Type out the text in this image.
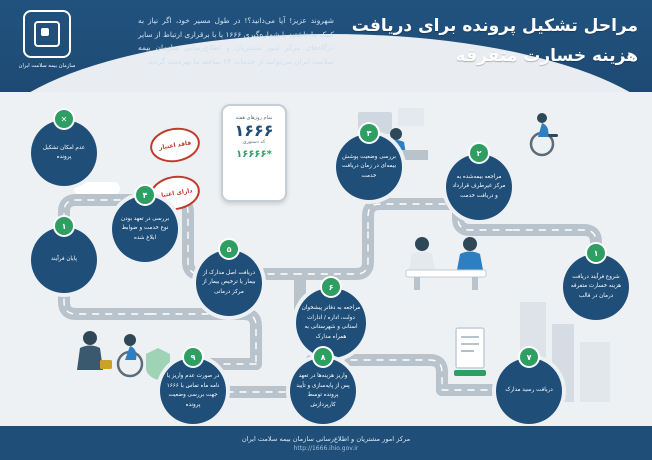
مراحل تشکیل پرونده برای دریافت هزینه خسارت متفرقه
شهروند عزیز! آیا می‌دانید؟! در طول مسیر خود، اگر نیاز به کمک ما داشتید با شماره‌گیری ۱۶۶۶ یا با برقراری ارتباط از سایر درگاه‌های مرکز امور مشتریان و اطلاع‌رسانی سازمان بیمه سلامت ایران می‌توانید از خدمات ۲۴ ساعته ما بهره‌مند گردید.
سازمان بیمه سلامت ایران
تمام روزهای هفته
۱۶۶۶
کد دستوری
*۱۶۶۶۶
فاقد اعتبار
دارای اعتبار
شروع فرآیند دریافت هزینه خسارت متفرقه درمان در قالب
۱
مراجعه بیمه‌شده به مرکز غیرطرف قرارداد و دریافت خدمت
۲
بررسی وضعیت پوشش بیمه‌ای در زمان دریافت خدمت
۳
بررسی در تعهد بودن نوع خدمت و ضوابط ابلاغ شده
۴
دریافت اصل مدارک از بیمار یا ترخیص بیمار از مرکز درمانی
۵
مراجعه به دفاتر پیشخوان دولت، اداره / ادارات استانی و شهرستانی به همراه مدارک
۶
دریافت رسید مدارک
۷
واریز هزینه‌ها در تعهد پس از پایه‌سازی و تأیید پرونده توسط کارپردازش
۸
در صورت عدم واریز یا نامه ماه تماس با ۱۶۶۶ جهت بررسی وضعیت پرونده
۹
پایان فرآیند
۱
عدم امکان تشکیل پرونده
✕
مرکز امور مشتریان و اطلاع‌رسانی سازمان بیمه سلامت ایران
http://1666.ihio.gov.ir
